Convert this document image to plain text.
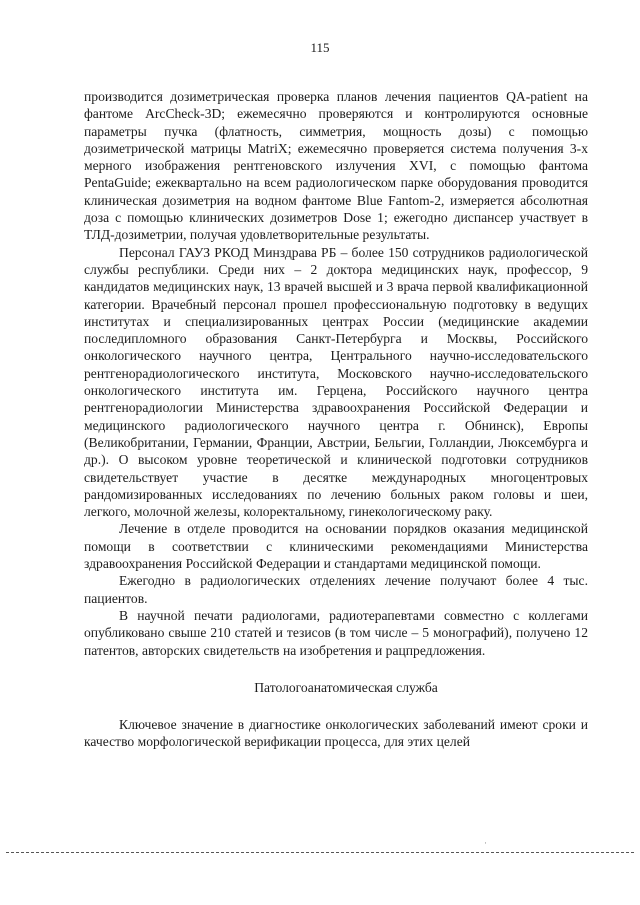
115

производится дозиметрическая проверка планов лечения пациентов QA-patient на фантоме ArcCheck-3D; ежемесячно проверяются и контролируются основные параметры пучка (флатность, симметрия, мощность дозы) с помощью дозиметрической матрицы MatriX; ежемесячно проверяется система получения 3-х мерного изображения рентгеновского излучения XVI, с помощью фантома PentaGuide; ежеквартально на всем радиологическом парке оборудования проводится клиническая дозиметрия на водном фантоме Blue Fantom-2, измеряется абсолютная доза с помощью клинических дозиметров Dose 1; ежегодно диспансер участвует в ТЛД-дозиметрии, получая удовлетворительные результаты.

Персонал ГАУЗ РКОД Минздрава РБ – более 150 сотрудников радиологической службы республики. Среди них – 2 доктора медицинских наук, профессор, 9 кандидатов медицинских наук, 13 врачей высшей и 3 врача первой квалификационной категории. Врачебный персонал прошел профессиональную подготовку в ведущих институтах и специализированных центрах России (медицинские академии последипломного образования Санкт-Петербурга и Москвы, Российского онкологического научного центра, Центрального научно-исследовательского рентгенорадиологического института, Московского научно-исследовательского онкологического института им. Герцена, Российского научного центра рентгенорадиологии Министерства здравоохранения Российской Федерации и медицинского радиологического научного центра г. Обнинск), Европы (Великобритании, Германии, Франции, Австрии, Бельгии, Голландии, Люксембурга и др.). О высоком уровне теоретической и клинической подготовки сотрудников свидетельствует участие в десятке международных многоцентровых рандомизированных исследованиях по лечению больных раком головы и шеи, легкого, молочной железы, колоректальному, гинекологическому раку.

Лечение в отделе проводится на основании порядков оказания медицинской помощи в соответствии с клиническими рекомендациями Министерства здравоохранения Российской Федерации и стандартами медицинской помощи.

Ежегодно в радиологических отделениях лечение получают более 4 тыс. пациентов.

В научной печати радиологами, радиотерапевтами совместно с коллегами опубликовано свыше 210 статей и тезисов (в том числе – 5 монографий), получено 12 патентов, авторских свидетельств на изобретения и рацпредложения.

Патологоанатомическая служба

Ключевое значение в диагностике онкологических заболеваний имеют сроки и качество морфологической верификации процесса, для этих целей

·
